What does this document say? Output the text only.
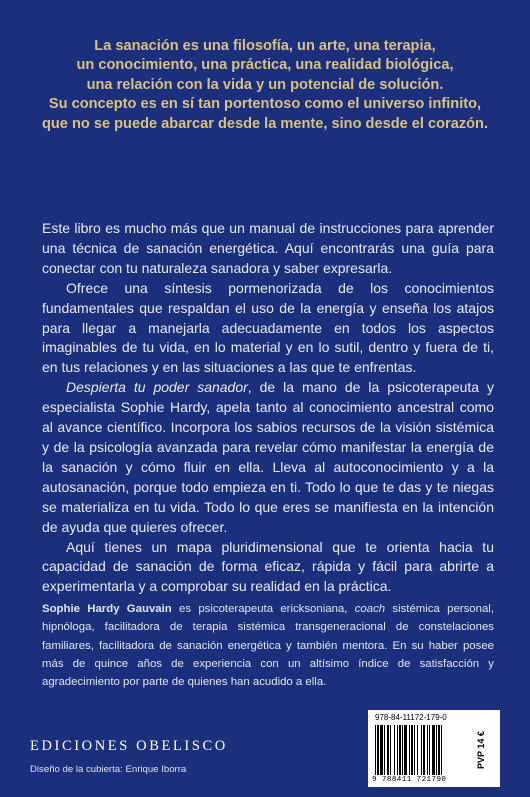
La sanación es una filosofía, un arte, una terapia,

un conocimiento, una práctica, una realidad biológica,

una relación con la vida y un potencial de solución.

Su concepto es en sí tan portentoso como el universo infinito,

que no se puede abarcar desde la mente, sino desde el corazón.

Este libro es mucho más que un manual de instrucciones para aprender una técnica de sanación energética. Aquí encontrarás una guía para conectar con tu naturaleza sanadora y saber expresarla.

Ofrece una síntesis pormenorizada de los conocimientos fundamentales que respaldan el uso de la energía y enseña los atajos para llegar a manejarla adecuadamente en todos los aspectos imaginables de tu vida, en lo material y en lo sutil, dentro y fuera de ti, en tus relaciones y en las situaciones a las que te enfrentas.

Despierta tu poder sanador, de la mano de la psicoterapeuta y especialista Sophie Hardy, apela tanto al conocimiento ancestral como al avance científico. Incorpora los sabios recursos de la visión sistémica y de la psicología avanzada para revelar cómo manifestar la energía de la sanación y cómo fluir en ella. Lleva al autoconocimiento y a la autosanación, porque todo empieza en ti. Todo lo que te das y te niegas se materializa en tu vida. Todo lo que eres se manifiesta en la intención de ayuda que quieres ofrecer.

Aquí tienes un mapa pluridimensional que te orienta hacia tu capacidad de sanación de forma eficaz, rápida y fácil para abrirte a experimentarla y a comprobar su realidad en la práctica.

Sophie Hardy Gauvain es psicoterapeuta ericksoniana, coach sistémica personal, hipnóloga, facilitadora de terapia sistémica transgeneracional de constelaciones familiares, facilitadora de sanación energética y también mentora. En su haber posee más de quince años de experiencia con un altísimo índice de satisfacción y agradecimiento por parte de quienes han acudido a ella.

EDICIONES OBELISCO
Diseño de la cubierta: Enrique Iborra
978-84-11172-179-0
9 788411 721790
PVP 14 €
